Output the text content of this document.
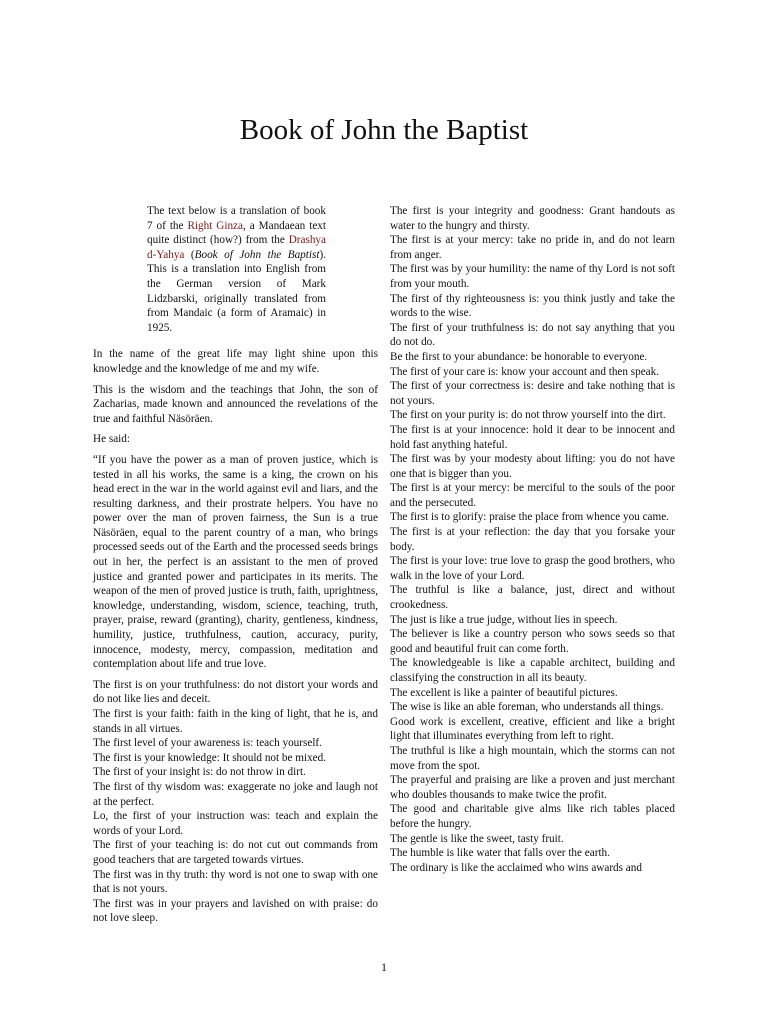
Book of John the Baptist

The text below is a translation of book 7 of the Right Ginza, a Mandaean text quite distinct (how?) from the Drashya d-Yahya (Book of John the Baptist). This is a translation into English from the German version of Mark Lidzbarski, originally translated from from Mandaic (a form of Aramaic) in 1925.

In the name of the great life may light shine upon this knowledge and the knowledge of me and my wife.

This is the wisdom and the teachings that John, the son of Zacharias, made known and announced the revelations of the true and faithful Näsöräen.

He said:

“If you have the power as a man of proven justice, which is tested in all his works, the same is a king, the crown on his head erect in the war in the world against evil and liars, and the resulting darkness, and their prostrate helpers. You have no power over the man of proven fairness, the Sun is a true Näsöräen, equal to the parent country of a man, who brings processed seeds out of the Earth and the processed seeds brings out in her, the perfect is an assistant to the men of proved justice and granted power and participates in its merits. The weapon of the men of proved justice is truth, faith, uprightness, knowledge, understanding, wisdom, science, teaching, truth, prayer, praise, reward (granting), charity, gentleness, kindness, humility, justice, truthfulness, caution, accuracy, purity, innocence, modesty, mercy, compassion, meditation and contemplation about life and true love.

The first is on your truthfulness: do not distort your words and do not like lies and deceit.

The first is your faith: faith in the king of light, that he is, and stands in all virtues.

The first level of your awareness is: teach yourself.

The first is your knowledge: It should not be mixed.

The first of your insight is: do not throw in dirt.

The first of thy wisdom was: exaggerate no joke and laugh not at the perfect.

Lo, the first of your instruction was: teach and explain the words of your Lord.

The first of your teaching is: do not cut out commands from good teachers that are targeted towards virtues.

The first was in thy truth: thy word is not one to swap with one that is not yours.

The first was in your prayers and lavished on with praise: do not love sleep.

The first is your integrity and goodness: Grant handouts as water to the hungry and thirsty.

The first is at your mercy: take no pride in, and do not learn from anger.

The first was by your humility: the name of thy Lord is not soft from your mouth.

The first of thy righteousness is: you think justly and take the words to the wise.

The first of your truthfulness is: do not say anything that you do not do.

Be the first to your abundance: be honorable to everyone.

The first of your care is: know your account and then speak.

The first of your correctness is: desire and take nothing that is not yours.

The first on your purity is: do not throw yourself into the dirt.

The first is at your innocence: hold it dear to be innocent and hold fast anything hateful.

The first was by your modesty about lifting: you do not have one that is bigger than you.

The first is at your mercy: be merciful to the souls of the poor and the persecuted.

The first is to glorify: praise the place from whence you came.

The first is at your reflection: the day that you forsake your body.

The first is your love: true love to grasp the good brothers, who walk in the love of your Lord.

The truthful is like a balance, just, direct and without crookedness.

The just is like a true judge, without lies in speech.

The believer is like a country person who sows seeds so that good and beautiful fruit can come forth.

The knowledgeable is like a capable architect, building and classifying the construction in all its beauty.

The excellent is like a painter of beautiful pictures.

The wise is like an able foreman, who understands all things.

Good work is excellent, creative, efficient and like a bright light that illuminates everything from left to right.

The truthful is like a high mountain, which the storms can not move from the spot.

The prayerful and praising are like a proven and just merchant who doubles thousands to make twice the profit.

The good and charitable give alms like rich tables placed before the hungry.

The gentle is like the sweet, tasty fruit.

The humble is like water that falls over the earth.

The ordinary is like the acclaimed who wins awards and

1
